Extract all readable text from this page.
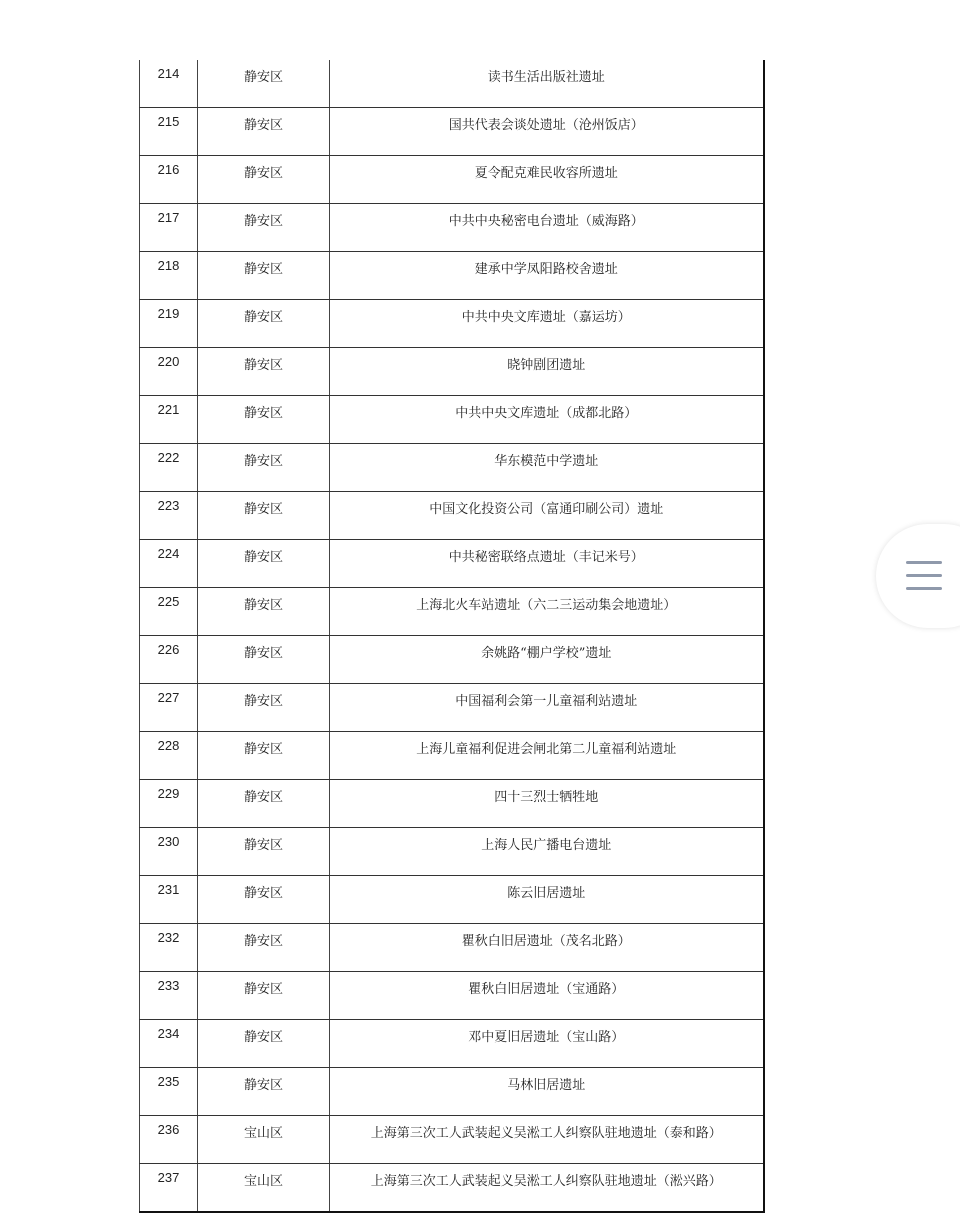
214	静安区	读书生活出版社遗址
215	静安区	国共代表会谈处遗址（沧州饭店）
216	静安区	夏令配克难民收容所遗址
217	静安区	中共中央秘密电台遗址（威海路）
218	静安区	建承中学凤阳路校舍遗址
219	静安区	中共中央文库遗址（嘉运坊）
220	静安区	晓钟剧团遗址
221	静安区	中共中央文库遗址（成都北路）
222	静安区	华东模范中学遗址
223	静安区	中国文化投资公司（富通印刷公司）遗址
224	静安区	中共秘密联络点遗址（丰记米号）
225	静安区	上海北火车站遗址（六二三运动集会地遗址）
226	静安区	余姚路“棚户学校”遗址
227	静安区	中国福利会第一儿童福利站遗址
228	静安区	上海儿童福利促进会闸北第二儿童福利站遗址
229	静安区	四十三烈士牺牲地
230	静安区	上海人民广播电台遗址
231	静安区	陈云旧居遗址
232	静安区	瞿秋白旧居遗址（茂名北路）
233	静安区	瞿秋白旧居遗址（宝通路）
234	静安区	邓中夏旧居遗址（宝山路）
235	静安区	马林旧居遗址
236	宝山区	上海第三次工人武装起义吴淞工人纠察队驻地遗址（泰和路）
237	宝山区	上海第三次工人武装起义吴淞工人纠察队驻地遗址（淞兴路）
